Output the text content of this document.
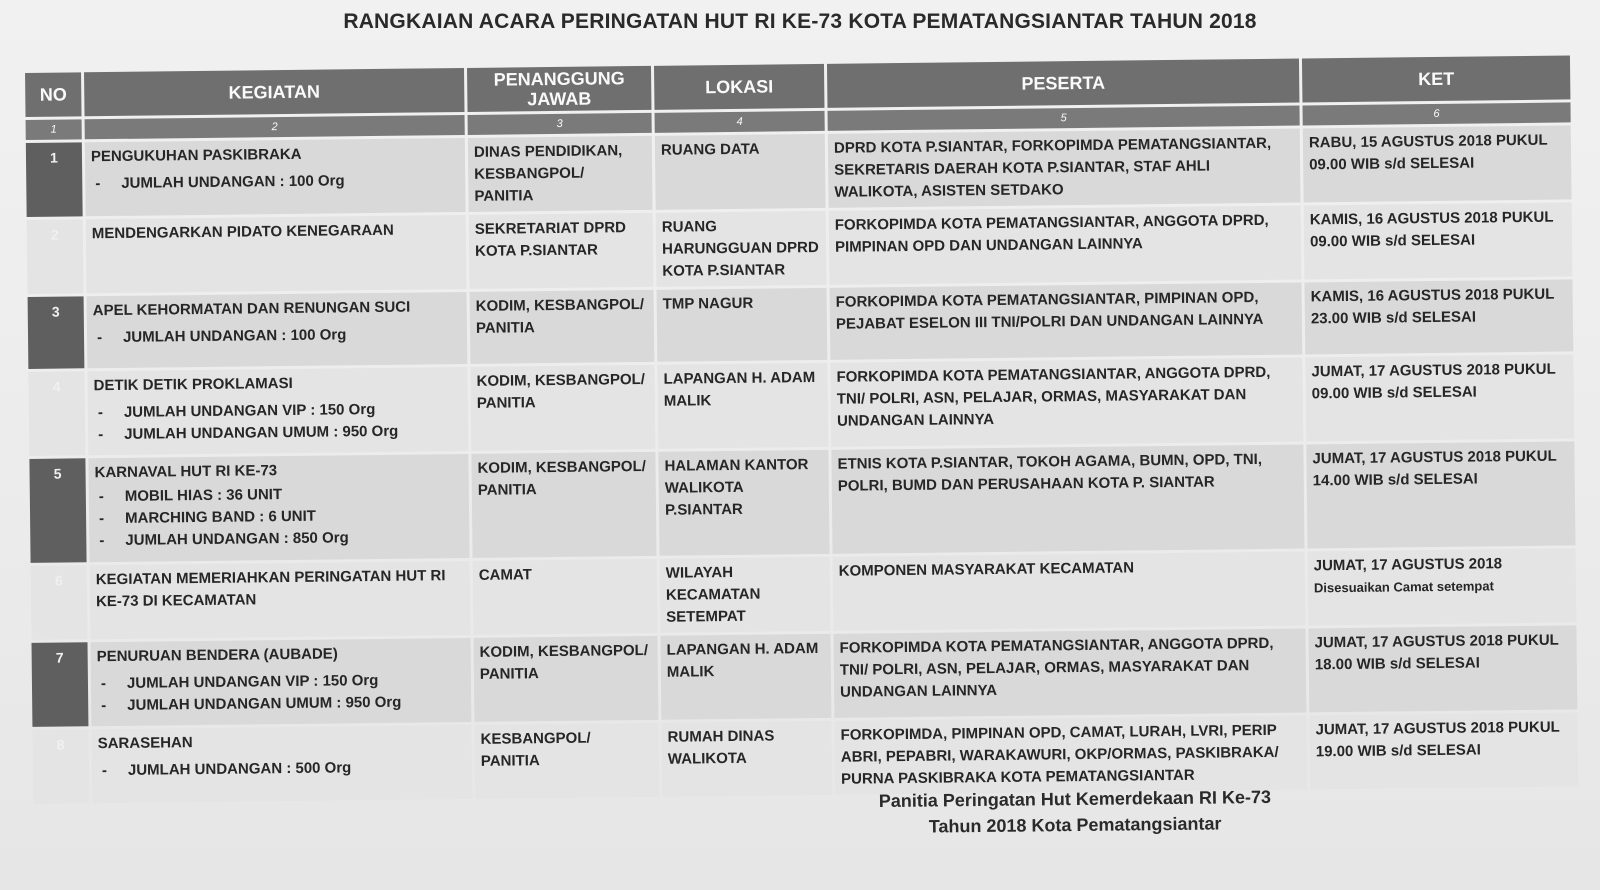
RANGKAIAN ACARA PERINGATAN HUT RI KE-73 KOTA PEMATANGSIANTAR TAHUN 2018
NO	KEGIATAN	PENANGGUNG JAWAB	LOKASI	PESERTA	KET
1	2	3	4	5	6
1	PENGUKUHAN PASKIBRAKA
- JUMLAH UNDANGAN : 100 Org	DINAS PENDIDIKAN, KESBANGPOL/ PANITIA	RUANG DATA	DPRD KOTA P.SIANTAR, FORKOPIMDA PEMATANGSIANTAR, SEKRETARIS DAERAH KOTA P.SIANTAR, STAF AHLI WALIKOTA, ASISTEN SETDAKO	RABU, 15 AGUSTUS 2018 PUKUL 09.00 WIB s/d SELESAI
2	MENDENGARKAN PIDATO KENEGARAAN	SEKRETARIAT DPRD KOTA P.SIANTAR	RUANG HARUNGGUAN DPRD KOTA P.SIANTAR	FORKOPIMDA KOTA PEMATANGSIANTAR, ANGGOTA DPRD, PIMPINAN OPD DAN UNDANGAN LAINNYA	KAMIS, 16 AGUSTUS 2018 PUKUL 09.00 WIB s/d SELESAI
3	APEL KEHORMATAN DAN RENUNGAN SUCI
- JUMLAH UNDANGAN : 100 Org	KODIM, KESBANGPOL/ PANITIA	TMP NAGUR	FORKOPIMDA KOTA PEMATANGSIANTAR, PIMPINAN OPD, PEJABAT ESELON III TNI/POLRI DAN UNDANGAN LAINNYA	KAMIS, 16 AGUSTUS 2018 PUKUL 23.00 WIB s/d SELESAI
4	DETIK DETIK PROKLAMASI
- JUMLAH UNDANGAN VIP : 150 Org
- JUMLAH UNDANGAN UMUM : 950 Org	KODIM, KESBANGPOL/ PANITIA	LAPANGAN H. ADAM MALIK	FORKOPIMDA KOTA PEMATANGSIANTAR, ANGGOTA DPRD, TNI/ POLRI, ASN, PELAJAR, ORMAS, MASYARAKAT DAN UNDANGAN LAINNYA	JUMAT, 17 AGUSTUS 2018 PUKUL 09.00 WIB s/d SELESAI
5	KARNAVAL HUT RI KE-73
- MOBIL HIAS : 36 UNIT
- MARCHING BAND : 6 UNIT
- JUMLAH UNDANGAN : 850 Org	KODIM, KESBANGPOL/ PANITIA	HALAMAN KANTOR WALIKOTA P.SIANTAR	ETNIS KOTA P.SIANTAR, TOKOH AGAMA, BUMN, OPD, TNI, POLRI, BUMD DAN PERUSAHAAN KOTA P. SIANTAR	JUMAT, 17 AGUSTUS 2018 PUKUL 14.00 WIB s/d SELESAI
6	KEGIATAN MEMERIAHKAN PERINGATAN HUT RI KE-73 DI KECAMATAN	CAMAT	WILAYAH KECAMATAN SETEMPAT	KOMPONEN MASYARAKAT KECAMATAN	JUMAT, 17 AGUSTUS 2018
Disesuaikan Camat setempat
7	PENURUAN BENDERA (AUBADE)
- JUMLAH UNDANGAN VIP : 150 Org
- JUMLAH UNDANGAN UMUM : 950 Org	KODIM, KESBANGPOL/ PANITIA	LAPANGAN H. ADAM MALIK	FORKOPIMDA KOTA PEMATANGSIANTAR, ANGGOTA DPRD, TNI/ POLRI, ASN, PELAJAR, ORMAS, MASYARAKAT DAN UNDANGAN LAINNYA	JUMAT, 17 AGUSTUS 2018 PUKUL 18.00 WIB s/d SELESAI
8	SARASEHAN
- JUMLAH UNDANGAN : 500 Org	KESBANGPOL/ PANITIA	RUMAH DINAS WALIKOTA	FORKOPIMDA, PIMPINAN OPD, CAMAT, LURAH, LVRI, PERIP ABRI, PEPABRI, WARAKAWURI, OKP/ORMAS, PASKIBRAKA/ PURNA PASKIBRAKA KOTA PEMATANGSIANTAR	JUMAT, 17 AGUSTUS 2018 PUKUL 19.00 WIB s/d SELESAI
Panitia Peringatan Hut Kemerdekaan RI Ke-73
Tahun 2018 Kota Pematangsiantar
